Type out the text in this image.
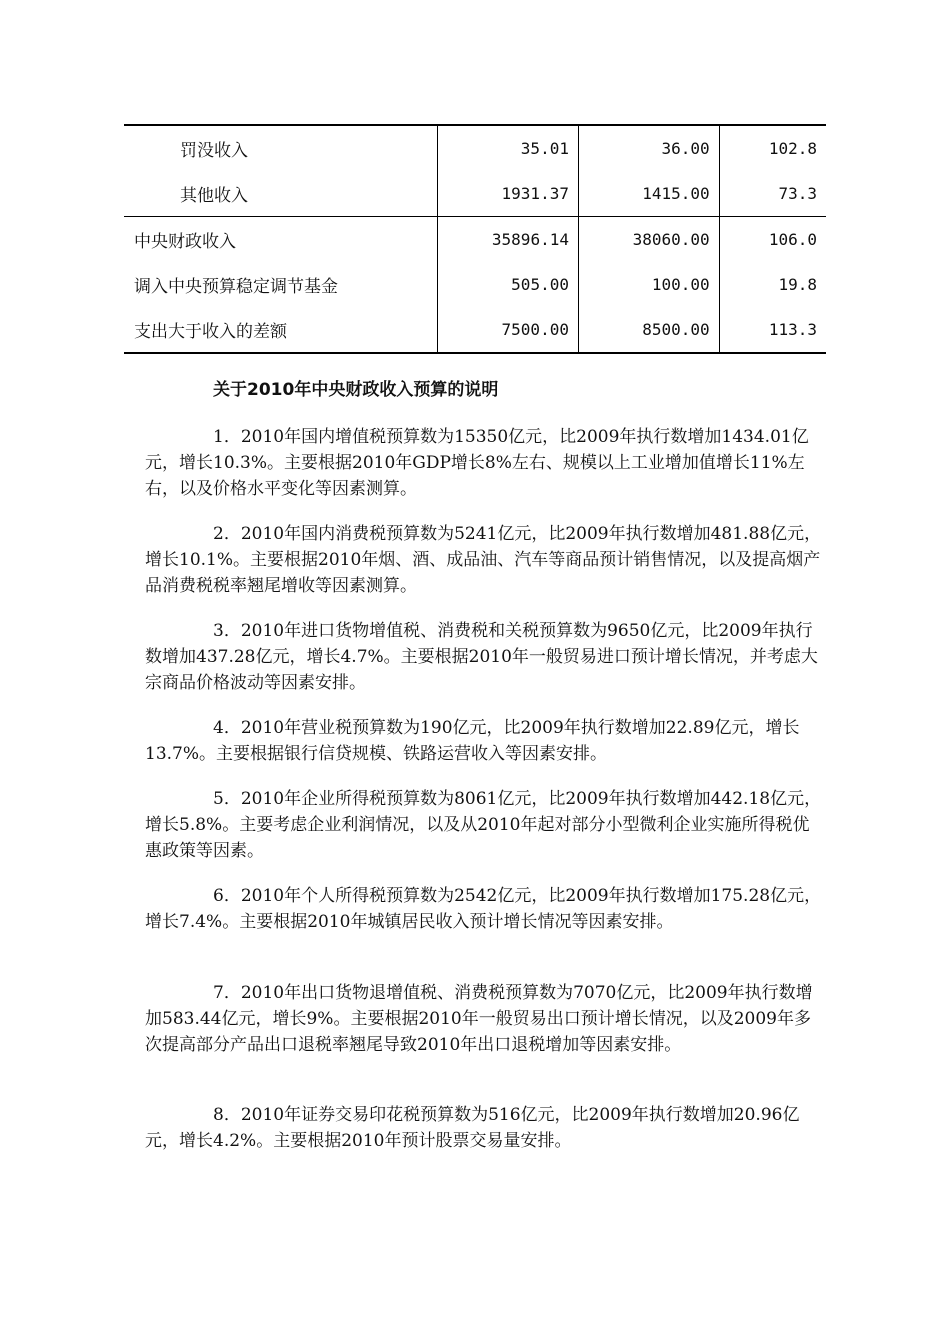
罚没收入	35.01	36.00	102.8
其他收入	1931.37	1415.00	73.3
中央财政收入	35896.14	38060.00	106.0
调入中央预算稳定调节基金	505.00	100.00	19.8
支出大于收入的差额	7500.00	8500.00	113.3
关于2010年中央财政收入预算的说明

1．2010年国内增值税预算数为15350亿元，比2009年执行数增加1434.01亿元，增长10.3%。主要根据2010年GDP增长8%左右、规模以上工业增加值增长11%左右，以及价格水平变化等因素测算。

2．2010年国内消费税预算数为5241亿元，比2009年执行数增加481.88亿元，增长10.1%。主要根据2010年烟、酒、成品油、汽车等商品预计销售情况，以及提高烟产品消费税税率翘尾增收等因素测算。

3．2010年进口货物增值税、消费税和关税预算数为9650亿元，比2009年执行数增加437.28亿元，增长4.7%。主要根据2010年一般贸易进口预计增长情况，并考虑大宗商品价格波动等因素安排。

4．2010年营业税预算数为190亿元，比2009年执行数增加22.89亿元，增长13.7%。主要根据银行信贷规模、铁路运营收入等因素安排。

5．2010年企业所得税预算数为8061亿元，比2009年执行数增加442.18亿元，增长5.8%。主要考虑企业利润情况，以及从2010年起对部分小型微利企业实施所得税优惠政策等因素。

6．2010年个人所得税预算数为2542亿元，比2009年执行数增加175.28亿元，增长7.4%。主要根据2010年城镇居民收入预计增长情况等因素安排。

7．2010年出口货物退增值税、消费税预算数为7070亿元，比2009年执行数增加583.44亿元，增长9%。主要根据2010年一般贸易出口预计增长情况，以及2009年多次提高部分产品出口退税率翘尾导致2010年出口退税增加等因素安排。

8．2010年证券交易印花税预算数为516亿元，比2009年执行数增加20.96亿元，增长4.2%。主要根据2010年预计股票交易量安排。
